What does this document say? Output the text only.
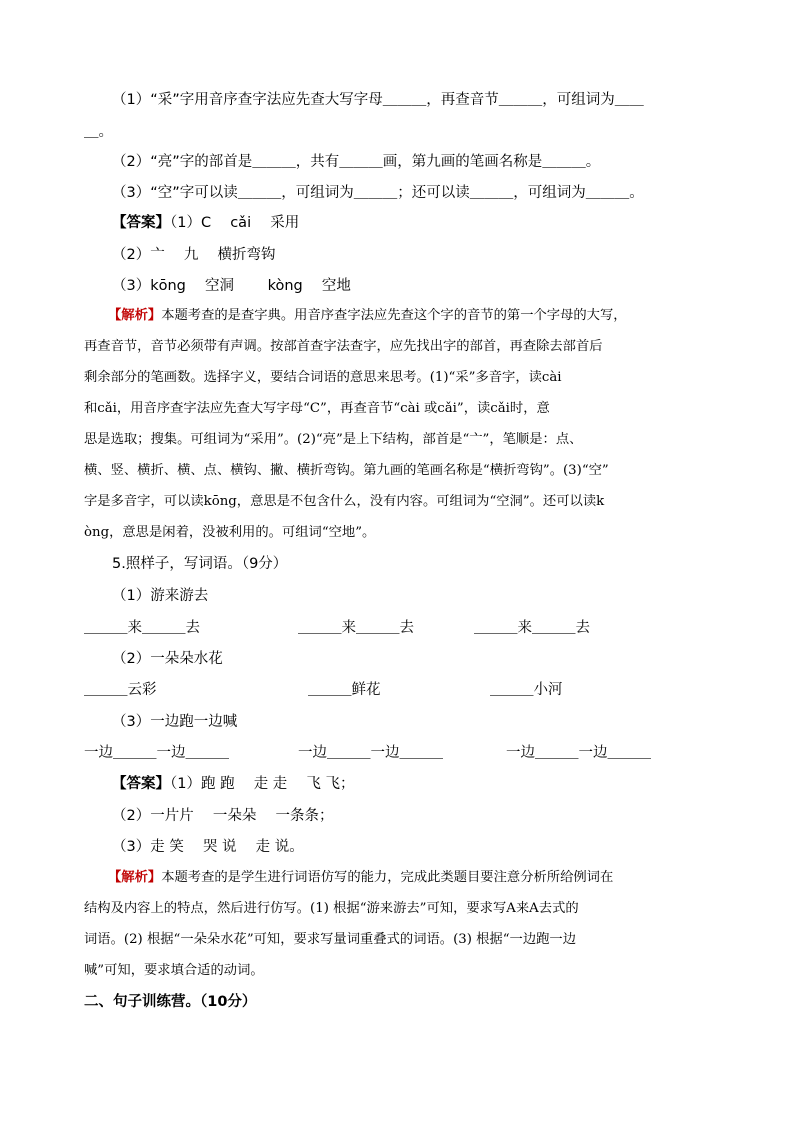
（1）“采”字用音序查字法应先查大写字母＿＿＿，再查音节＿＿＿，可组词为＿＿
＿。
（2）“亮”字的部首是＿＿＿，共有＿＿＿画，第九画的笔画名称是＿＿＿。
（3）“空”字可以读＿＿＿，可组词为＿＿＿；还可以读＿＿＿，可组词为＿＿＿。
【答案】（1）C　 cǎi　 采用
（2）亠　 九　 横折弯钩
（3）kōng　 空洞　　 kòng　 空地
【解析】本题考查的是查字典。用音序查字法应先查这个字的音节的第一个字母的大写，
再查音节，音节必须带有声调。按部首查字法查字，应先找出字的部首，再查除去部首后
剩余部分的笔画数。选择字义，要结合词语的意思来思考。(1)“采”多音字，读cài
和cǎi，用音序查字法应先查大写字母“C”，再查音节“cài 或cǎi”，读cǎi时，意
思是选取；搜集。可组词为“采用”。(2)“亮”是上下结构，部首是“亠”，笔顺是：点、
横、竖、横折、横、点、横钩、撇、横折弯钩。第九画的笔画名称是“横折弯钩”。(3)“空”
字是多音字，可以读kōng，意思是不包含什么，没有内容。可组词为“空洞”。还可以读k
òng，意思是闲着，没被利用的。可组词“空地”。
5.照样子，写词语。（9分）
（1）游来游去
＿＿＿来＿＿＿去	＿＿＿来＿＿＿去	＿＿＿来＿＿＿去
（2）一朵朵水花
＿＿＿云彩	＿＿＿鲜花	＿＿＿小河
（3）一边跑一边喊
一边＿＿＿一边＿＿＿	一边＿＿＿一边＿＿＿	一边＿＿＿一边＿＿＿
【答案】（1）跑 跑　 走 走　 飞 飞；
（2）一片片　 一朵朵　 一条条；
（3）走 笑　 哭 说　 走 说。
【解析】本题考查的是学生进行词语仿写的能力，完成此类题目要注意分析所给例词在
结构及内容上的特点，然后进行仿写。(1) 根据“游来游去”可知，要求写A来A去式的
词语。(2) 根据“一朵朵水花”可知，要求写量词重叠式的词语。(3) 根据“一边跑一边
喊”可知，要求填合适的动词。
二、句子训练营。（10分）
